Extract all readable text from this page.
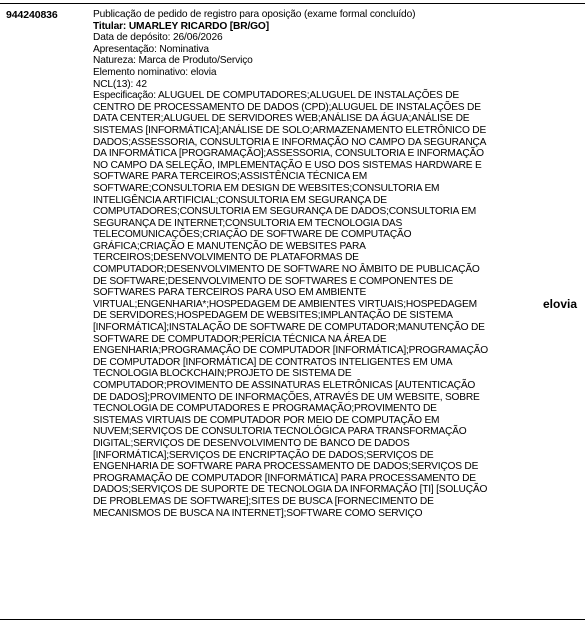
944240836	Publicação de pedido de registro para oposição (exame formal concluído)
Titular: UMARLEY RICARDO [BR/GO]
Data de depósito: 26/06/2026
Apresentação: Nominativa
Natureza: Marca de Produto/Serviço
Elemento nominativo: elovia
NCL(13): 42
Especificação: ALUGUEL DE COMPUTADORES;ALUGUEL DE INSTALAÇÕES DE CENTRO DE PROCESSAMENTO DE DADOS (CPD);ALUGUEL DE INSTALAÇÕES DE DATA CENTER;ALUGUEL DE SERVIDORES WEB;ANÁLISE DA ÁGUA;ANÁLISE DE SISTEMAS [INFORMÁTICA];ANÁLISE DE SOLO;ARMAZENAMENTO ELETRÔNICO DE DADOS;ASSESSORIA, CONSULTORIA E INFORMAÇÃO NO CAMPO DA SEGURANÇA DA INFORMÁTICA [PROGRAMAÇÃO];ASSESSORIA, CONSULTORIA E INFORMAÇÃO NO CAMPO DA SELEÇÃO, IMPLEMENTAÇÃO E USO DOS SISTEMAS HARDWARE E SOFTWARE PARA TERCEIROS;ASSISTÊNCIA TÉCNICA EM SOFTWARE;CONSULTORIA EM DESIGN DE WEBSITES;CONSULTORIA EM INTELIGÊNCIA ARTIFICIAL;CONSULTORIA EM SEGURANÇA DE COMPUTADORES;CONSULTORIA EM SEGURANÇA DE DADOS;CONSULTORIA EM SEGURANÇA DE INTERNET;CONSULTORIA EM TECNOLOGIA DAS TELECOMUNICAÇÕES;CRIAÇÃO DE SOFTWARE DE COMPUTAÇÃO GRÁFICA;CRIAÇÃO E MANUTENÇÃO DE WEBSITES PARA TERCEIROS;DESENVOLVIMENTO DE PLATAFORMAS DE COMPUTADOR;DESENVOLVIMENTO DE SOFTWARE NO ÂMBITO DE PUBLICAÇÃO DE SOFTWARE;DESENVOLVIMENTO DE SOFTWARES E COMPONENTES DE SOFTWARES PARA TERCEIROS PARA USO EM AMBIENTE VIRTUAL;ENGENHARIA*;HOSPEDAGEM DE AMBIENTES VIRTUAIS;HOSPEDAGEM DE SERVIDORES;HOSPEDAGEM DE WEBSITES;IMPLANTAÇÃO DE SISTEMA [INFORMÁTICA];INSTALAÇÃO DE SOFTWARE DE COMPUTADOR;MANUTENÇÃO DE SOFTWARE DE COMPUTADOR;PERÍCIA TÉCNICA NA ÁREA DE ENGENHARIA;PROGRAMAÇÃO DE COMPUTADOR [INFORMÁTICA];PROGRAMAÇÃO DE COMPUTADOR [INFORMÁTICA] DE CONTRATOS INTELIGENTES EM UMA TECNOLOGIA BLOCKCHAIN;PROJETO DE SISTEMA DE COMPUTADOR;PROVIMENTO DE ASSINATURAS ELETRÔNICAS [AUTENTICAÇÃO DE DADOS];PROVIMENTO DE INFORMAÇÕES, ATRAVÉS DE UM WEBSITE, SOBRE TECNOLOGIA DE COMPUTADORES E PROGRAMAÇÃO;PROVIMENTO DE SISTEMAS VIRTUAIS DE COMPUTADOR POR MEIO DE COMPUTAÇÃO EM NUVEM;SERVIÇOS DE CONSULTORIA TECNOLÓGICA PARA TRANSFORMAÇÃO DIGITAL;SERVIÇOS DE DESENVOLVIMENTO DE BANCO DE DADOS [INFORMÁTICA];SERVIÇOS DE ENCRIPTAÇÃO DE DADOS;SERVIÇOS DE ENGENHARIA DE SOFTWARE PARA PROCESSAMENTO DE DADOS;SERVIÇOS DE PROGRAMAÇÃO DE COMPUTADOR [INFORMÁTICA] PARA PROCESSAMENTO DE DADOS;SERVIÇOS DE SUPORTE DE TECNOLOGIA DA INFORMAÇÃO [TI] [SOLUÇÃO DE PROBLEMAS DE SOFTWARE];SITES DE BUSCA [FORNECIMENTO DE MECANISMOS DE BUSCA NA INTERNET];SOFTWARE COMO SERVIÇO
elovia
